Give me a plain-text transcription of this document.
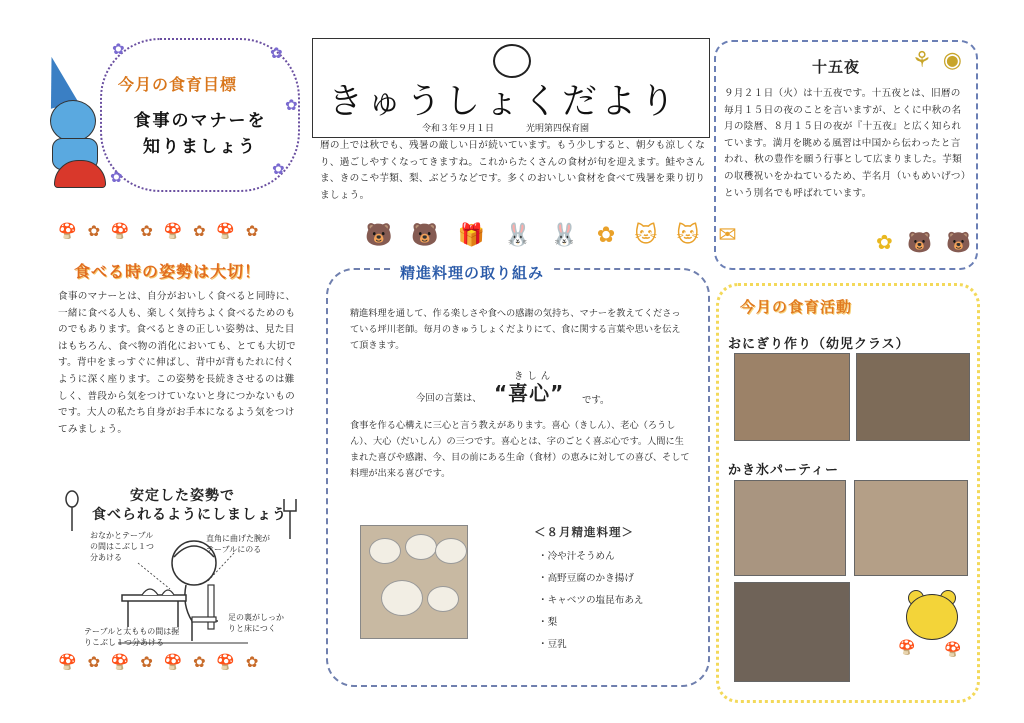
✿	✿
✿
✿
✿
今月の食育目標
食事のマナーを
知りましょう
🍄 ✿ 🍄 ✿ 🍄 ✿ 🍄 ✿
食べる時の姿勢は大切！
食事のマナーとは、自分がおいしく食べると同時に、一緒に食べる人も、楽しく気持ちよく食べるためのものでもあります。食べるときの正しい姿勢は、見た目はもちろん、食べ物の消化においても、とても大切です。背中をまっすぐに伸ばし、背中が背もたれに付くように深く座ります。この姿勢を長続きさせるのは難しく、普段から気をつけていないと身につかないものです。大人の私たち自身がお手本になるよう気をつけてみましょう。
安定した姿勢で
食べられるようにしましょう
おなかとテーブルの間はこぶし１つ分あける
直角に曲げた腕がテーブルにのる
テーブルと太ももの間は握りこぶし１つ分あける
足の裏がしっかりと床につく
🍄 ✿ 🍄 ✿ 🍄 ✿ 🍄 ✿
きゅうしょくだより
令和３年９月１日	光明第四保育園
暦の上では秋でも、残暑の厳しい日が続いています。もう少しすると、朝夕も涼しくなり、過ごしやすくなってきますね。これからたくさんの食材が旬を迎えます。鮭やさんま、きのこや芋類、梨、ぶどうなどです。多くのおいしい食材を食べて残暑を乗り切りましょう。
🐻 🐻 🎁 🐰 🐰 ✿ 🐱 🐱 ✉
精進料理の取り組み
精進料理を通して、作る楽しさや食への感謝の気持ち、マナーを教えてくださっている坪川老師。毎月のきゅうしょくだよりにて、食に関する言葉や思いを伝えて頂きます。
今回の言葉は、
きしん
“喜心” です。
食事を作る心構えに三心と言う教えがあります。喜心（きしん）、老心（ろうしん）、大心（だいしん）の三つです。喜心とは、字のごとく喜ぶ心です。人間に生まれた喜びや感謝、今、目の前にある生命（食材）の恵みに対しての喜び、そして料理が出来る喜びです。
＜８月精進料理＞
・冷や汁そうめん
・高野豆腐のかき揚げ
・キャベツの塩昆布あえ
・梨
・豆乳
十五夜 ⚘ ◉
９月２１日（火）は十五夜です。十五夜とは、旧暦の毎月１５日の夜のことを言いますが、とくに中秋の名月の陰暦、８月１５日の夜が『十五夜』と広く知られています。満月を眺める風習は中国から伝わったと言われ、秋の豊作を願う行事として広まりました。芋類の収穫祝いをかねているため、芋名月（いもめいげつ）という別名でも呼ばれています。
✿ 🐻 🐻
今月の食育活動
おにぎり作り（幼児クラス）
かき氷パーティー
🍄 🍄
